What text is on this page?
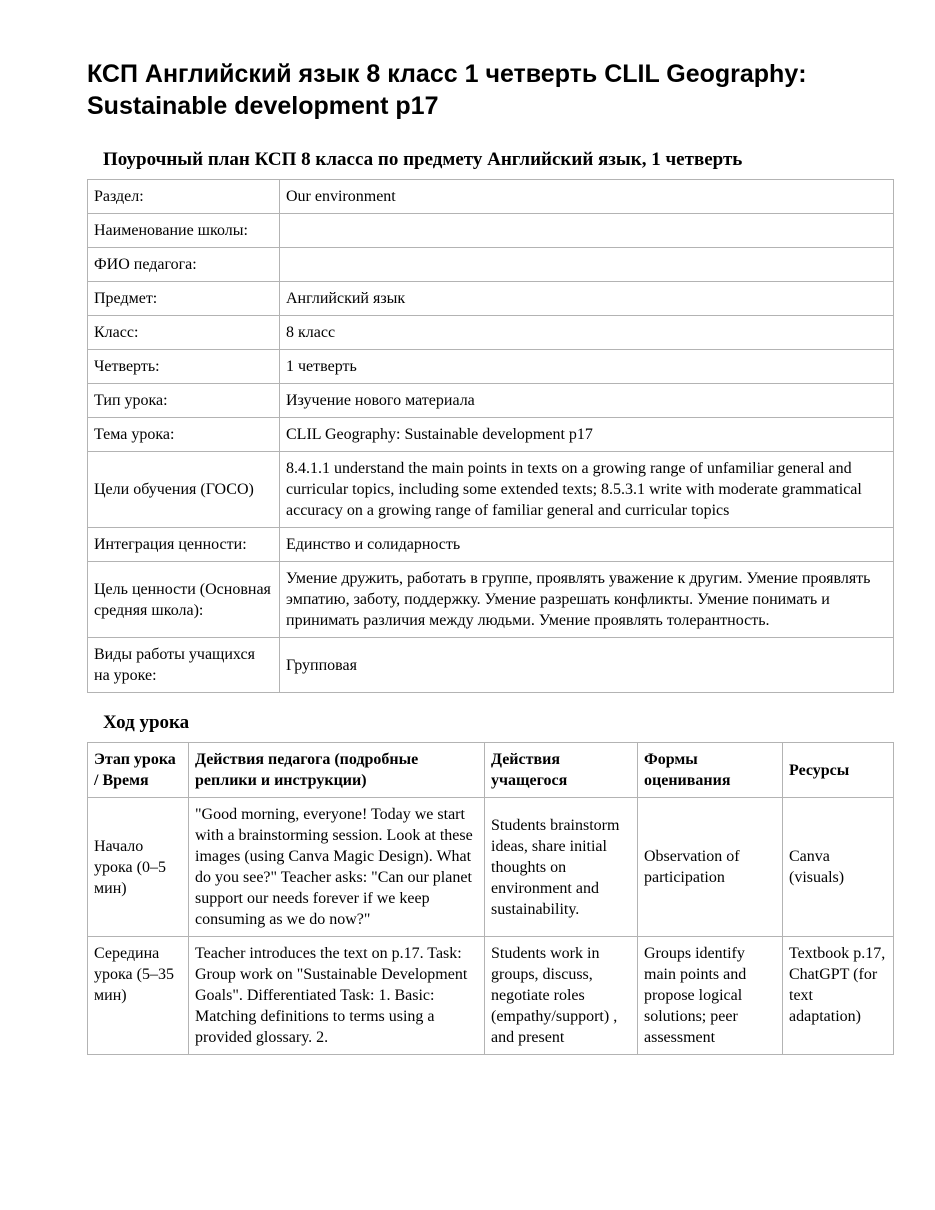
КСП Английский язык 8 класс 1 четверть CLIL Geography: Sustainable development p17
Поурочный план КСП 8 класса по предмету Английский язык, 1 четверть
Раздел:	Our environment
Наименование школы:	
ФИО педагога:	
Предмет:	Английский язык
Класс:	8 класс
Четверть:	1 четверть
Тип урока:	Изучение нового материала
Тема урока:	CLIL Geography: Sustainable development p17
Цели обучения (ГОСО)	8.4.1.1 understand the main points in texts on a growing range of unfamiliar general and curricular topics, including some extended texts; 8.5.3.1 write with moderate grammatical accuracy on a growing range of familiar general and curricular topics
Интеграция ценности:	Единство и солидарность
Цель ценности (Основная средняя школа):	Умение дружить, работать в группе, проявлять уважение к другим. Умение проявлять эмпатию, заботу, поддержку. Умение разрешать конфликты. Умение понимать и принимать различия между людьми. Умение проявлять толерантность.
Виды работы учащихся на уроке:	Групповая
Ход урока
Этап урока / Время	Действия педагога (подробные реплики и инструкции)	Действия учащегося	Формы оценивания	Ресурсы
Начало урока (0–5 мин)	"Good morning, everyone! Today we start with a brainstorming session. Look at these images (using Canva Magic Design). What do you see?" Teacher asks: "Can our planet support our needs forever if we keep consuming as we do now?"	Students brainstorm ideas, share initial thoughts on environment and sustainability.	Observation of participation	Canva (visuals)
Середина урока (5–35 мин)	Teacher introduces the text on p.17. Task: Group work on "Sustainable Development Goals". Differentiated Task: 1. Basic: Matching definitions to terms using a provided glossary. 2.	Students work in groups, discuss, negotiate roles (empathy/support) , and present	Groups identify main points and propose logical solutions; peer assessment	Textbook p.17, ChatGPT (for text adaptation)
